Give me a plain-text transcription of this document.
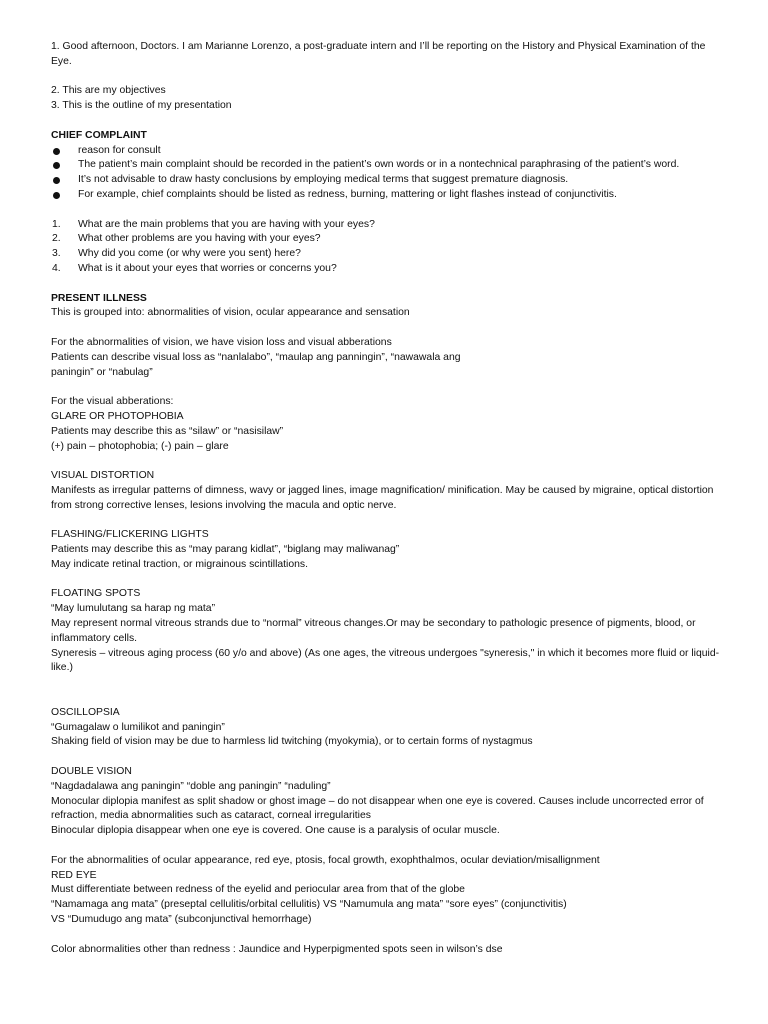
1. Good afternoon, Doctors. I am Marianne Lorenzo, a post-graduate intern and I’ll be reporting on the History and Physical Examination of the Eye.

2. This are my objectives

3. This is the outline of my presentation

CHIEF COMPLAINT

reason for consult
The patient’s main complaint should be recorded in the patient’s own words or in a nontechnical paraphrasing of the patient’s word.
It’s not advisable to draw hasty conclusions by employing medical terms that suggest premature diagnosis.
For example, chief complaints should be listed as redness, burning, mattering or light flashes instead of conjunctivitis.
1. What are the main problems that you are having with your eyes?
2. What other problems are you having with your eyes?
3. Why did you come (or why were you sent) here?
4. What is it about your eyes that worries or concerns you?

PRESENT ILLNESS

This is grouped into: abnormalities of vision, ocular appearance and sensation

For the abnormalities of vision, we have vision loss and visual abberations

Patients can describe visual loss as “nanlalabo”, “maulap ang panningin”, “nawawala ang

paningin” or “nabulag”

For the visual abberations:

GLARE OR PHOTOPHOBIA

Patients may describe this as “silaw” or “nasisilaw”

(+) pain – photophobia; (-) pain – glare

VISUAL DISTORTION

Manifests as irregular patterns of dimness, wavy or jagged lines, image magnification/ minification. May be caused by migraine, optical distortion from strong corrective lenses, lesions involving the macula and optic nerve.

FLASHING/FLICKERING LIGHTS

Patients may describe this as “may parang kidlat”, “biglang may maliwanag”

May indicate retinal traction, or migrainous scintillations.

FLOATING SPOTS

“May lumulutang sa harap ng mata”

May represent normal vitreous strands due to “normal” vitreous changes.Or may be secondary to pathologic presence of pigments, blood, or inflammatory cells.

Syneresis – vitreous aging process (60 y/o and above) (As one ages, the vitreous undergoes "syneresis," in which it becomes more fluid or liquid-like.)

OSCILLOPSIA

“Gumagalaw o lumilikot and paningin”

Shaking field of vision may be due to harmless lid twitching (myokymia), or to certain forms of nystagmus

DOUBLE VISION

“Nagdadalawa ang paningin” “doble ang paningin” “naduling”

Monocular diplopia manifest as split shadow or ghost image – do not disappear when one eye is covered. Causes include uncorrected error of refraction, media abnormalities such as cataract, corneal irregularities

Binocular diplopia disappear when one eye is covered. One cause is a paralysis of ocular muscle.

For the abnormalities of ocular appearance, red eye, ptosis, focal growth, exophthalmos, ocular deviation/misallignment

RED EYE

Must differentiate between redness of the eyelid and periocular area from that of the globe

“Namamaga ang mata” (preseptal cellulitis/orbital cellulitis) VS “Namumula ang mata” “sore eyes” (conjunctivitis)

VS “Dumudugo ang mata” (subconjunctival hemorrhage)

Color abnormalities other than redness : Jaundice and Hyperpigmented spots seen in wilson’s dse
